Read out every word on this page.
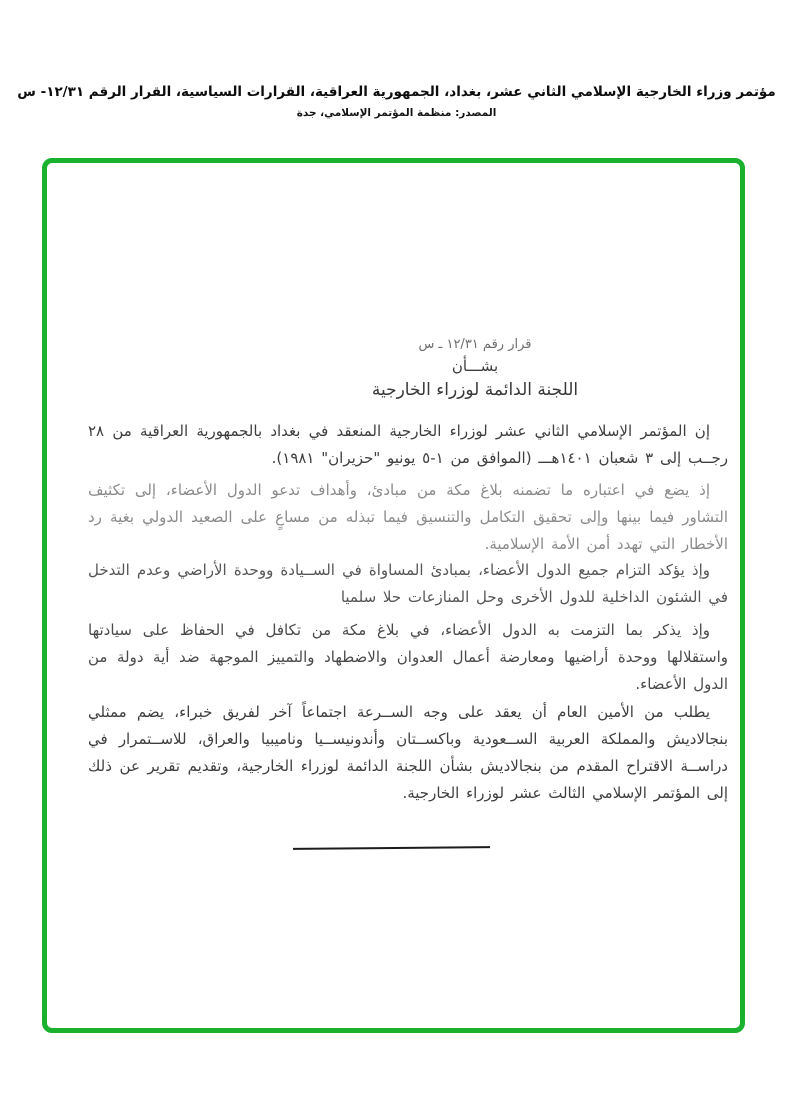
مؤتمر وزراء الخارجية الإسلامي الثاني عشر، بغداد، الجمهورية العراقية، القرارات السياسية، القرار الرقم ١٢/٣١- س
المصدر: منظمة المؤتمر الإسلامي، جدة
قرار رقم ١٢/٣١ ـ س
بشـــأن
اللجنة الدائمة لوزراء الخارجية

إن المؤتمر الإسلامي الثاني عشر لوزراء الخارجية المنعقد في بغداد بالجمهورية العراقية من ٢٨ رجــب إلى ٣ شعبان ١٤٠١هـــ (الموافق من ١-٥ يونيو "حزيران" ١٩٨١).

إذ يضع في اعتباره ما تضمنه بلاغ مكة من مبادئ، وأهداف تدعو الدول الأعضاء، إلى تكثيف التشاور فيما بينها وإلى تحقيق التكامل والتنسيق فيما تبذله من مساعٍ على الصعيد الدولي بغية رد الأخطار التي تهدد أمن الأمة الإسلامية.

وإذ يؤكد التزام جميع الدول الأعضاء، بمبادئ المساواة في الســيادة ووحدة الأراضي وعدم التدخل في الشئون الداخلية للدول الأخرى وحل المنازعات حلا سلميا

وإذ يذكر بما التزمت به الدول الأعضاء، في بلاغ مكة من تكافل في الحفاظ على سيادتها واستقلالها ووحدة أراضيها ومعارضة أعمال العدوان والاضطهاد والتمييز الموجهة ضد أية دولة من الدول الأعضاء.

يطلب من الأمين العام أن يعقد على وجه الســرعة اجتماعاً آخر لفريق خبراء، يضم ممثلي بنجالاديش والمملكة العربية الســعودية وباكســتان وأندونيســيا وناميبيا والعراق، للاســتمرار في دراســة الاقتراح المقدم من بنجالاديش بشأن اللجنة الدائمة لوزراء الخارجية، وتقديم تقرير عن ذلك إلى المؤتمر الإسلامي الثالث عشر لوزراء الخارجية.
